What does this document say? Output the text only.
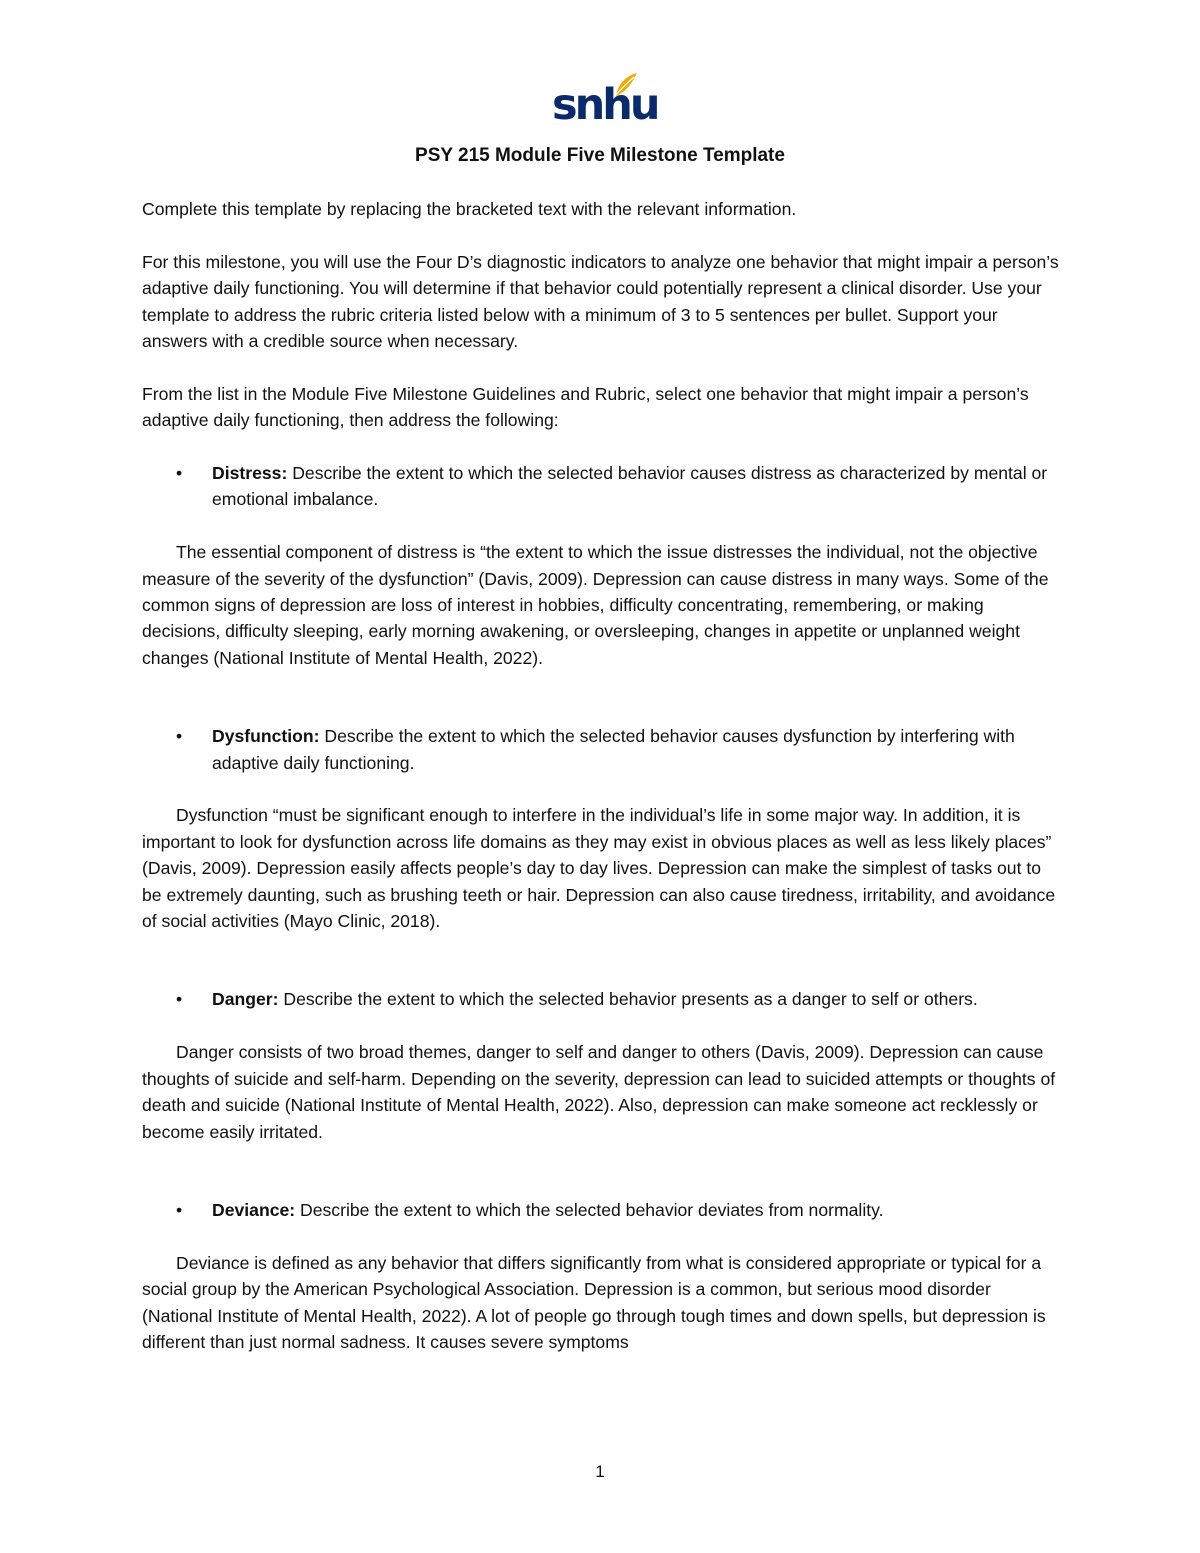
snhu
PSY 215 Module Five Milestone Template

Complete this template by replacing the bracketed text with the relevant information.

For this milestone, you will use the Four D’s diagnostic indicators to analyze one behavior that might impair a person’s adaptive daily functioning. You will determine if that behavior could potentially represent a clinical disorder. Use your template to address the rubric criteria listed below with a minimum of 3 to 5 sentences per bullet. Support your answers with a credible source when necessary.

From the list in the Module Five Milestone Guidelines and Rubric, select one behavior that might impair a person’s adaptive daily functioning, then address the following:

• Distress: Describe the extent to which the selected behavior causes distress as characterized by mental or emotional imbalance.

The essential component of distress is “the extent to which the issue distresses the individual, not the objective measure of the severity of the dysfunction” (Davis, 2009). Depression can cause distress in many ways. Some of the common signs of depression are loss of interest in hobbies, difficulty concentrating, remembering, or making decisions, difficulty sleeping, early morning awakening, or oversleeping, changes in appetite or unplanned weight changes (National Institute of Mental Health, 2022).

• Dysfunction: Describe the extent to which the selected behavior causes dysfunction by interfering with adaptive daily functioning.

Dysfunction “must be significant enough to interfere in the individual’s life in some major way. In addition, it is important to look for dysfunction across life domains as they may exist in obvious places as well as less likely places” (Davis, 2009). Depression easily affects people’s day to day lives. Depression can make the simplest of tasks out to be extremely daunting, such as brushing teeth or hair. Depression can also cause tiredness, irritability, and avoidance of social activities (Mayo Clinic, 2018).

• Danger: Describe the extent to which the selected behavior presents as a danger to self or others.

Danger consists of two broad themes, danger to self and danger to others (Davis, 2009). Depression can cause thoughts of suicide and self-harm. Depending on the severity, depression can lead to suicided attempts or thoughts of death and suicide (National Institute of Mental Health, 2022). Also, depression can make someone act recklessly or become easily irritated.

• Deviance: Describe the extent to which the selected behavior deviates from normality.

Deviance is defined as any behavior that differs significantly from what is considered appropriate or typical for a social group by the American Psychological Association. Depression is a common, but serious mood disorder (National Institute of Mental Health, 2022). A lot of people go through tough times and down spells, but depression is different than just normal sadness. It causes severe symptoms

1
